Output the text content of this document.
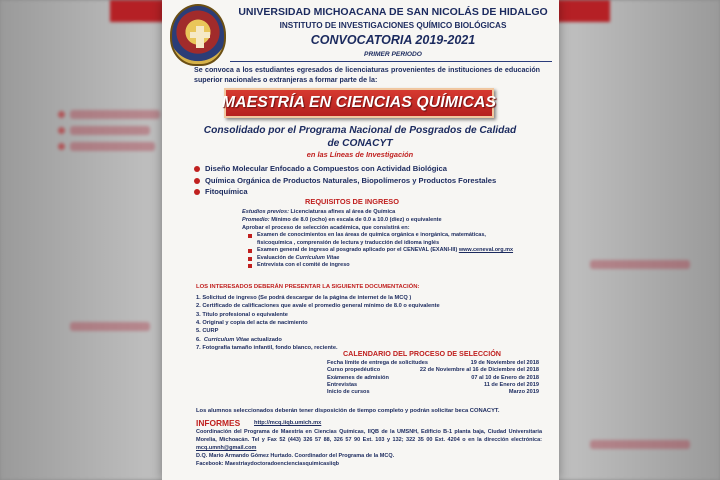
UNIVERSIDAD MICHOACANA DE SAN NICOLÁS DE HIDALGO
INSTITUTO DE INVESTIGACIONES QUÍMICO BIOLÓGICAS
CONVOCATORIA 2019-2021
PRIMER PERIODO
Se convoca a los estudiantes egresados de licenciaturas provenientes de instituciones de educación superior nacionales o extranjeras a formar parte de la:
MAESTRÍA EN CIENCIAS QUÍMICAS
Consolidado por el Programa Nacional de Posgrados de Calidad de CONACYT
en las Líneas de Investigación
Diseño Molecular Enfocado a Compuestos con Actividad Biológica
Química Orgánica de Productos Naturales, Biopolímeros y Productos Forestales
Fitoquímica
REQUISITOS DE INGRESO
Estudios previos: Licenciaturas afines al área de Química
Promedio: Mínimo de 8.0 (ocho) en escala de 0.0 a 10.0 (diez) o equivalente
Aprobar el proceso de selección académica, que consistirá en:
Examen de conocimientos en las áreas de química orgánica e inorgánica, matemáticas,
fisicoquímica , comprensión de lectura y traducción del idioma inglés
Examen general de ingreso al posgrado aplicado por el CENEVAL (EXANI-III) www.ceneval.org.mx
Evaluación de Curriculum Vitae
Entrevista con el comité de ingreso
LOS INTERESADOS DEBERÁN PRESENTAR LA SIGUIENTE DOCUMENTACIÓN:
1. Solicitud de ingreso (Se podrá descargar de la página de internet de la MCQ )
2. Certificado de calificaciones que avale el promedio general mínimo de 8.0 o equivalente
3. Título profesional o equivalente
4. Original y copia del acta de nacimiento
5. CURP
6. Curriculum Vitae actualizado
7. Fotografía tamaño infantil, fondo blanco, reciente.
CALENDARIO DEL PROCESO DE SELECCIÓN
Fecha límite de entrega de solicitudes	19 de Noviembre del 2018
Curso propedéutico	22 de Noviembre al 16 de Diciembre del 2018
Exámenes de admisión	07 al 10 de Enero de 2018
Entrevistas	11 de Enero del 2019
Inicio de cursos	Marzo 2019
Los alumnos seleccionados deberán tener disposición de tiempo completo y podrán solicitar beca CONACYT.
INFORMES http://mcq.iiqb.umich.mx
Coordinación del Programa de Maestría en Ciencias Químicas, IIQB de la UMSNH, Edificio B-1 planta baja, Ciudad Universitaria Morelia, Michoacán. Tel y Fax 52 (443) 326 57 88, 326 57 90 Ext. 103 y 132; 322 35 00 Ext. 4204 o en la dirección electrónica: mcq.umnh@gmail.com
D.Q. Mario Armando Gómez Hurtado. Coordinador del Programa de la MCQ.
Facebook: Maestriaydoctoradoencienciasquimicasiiqb
